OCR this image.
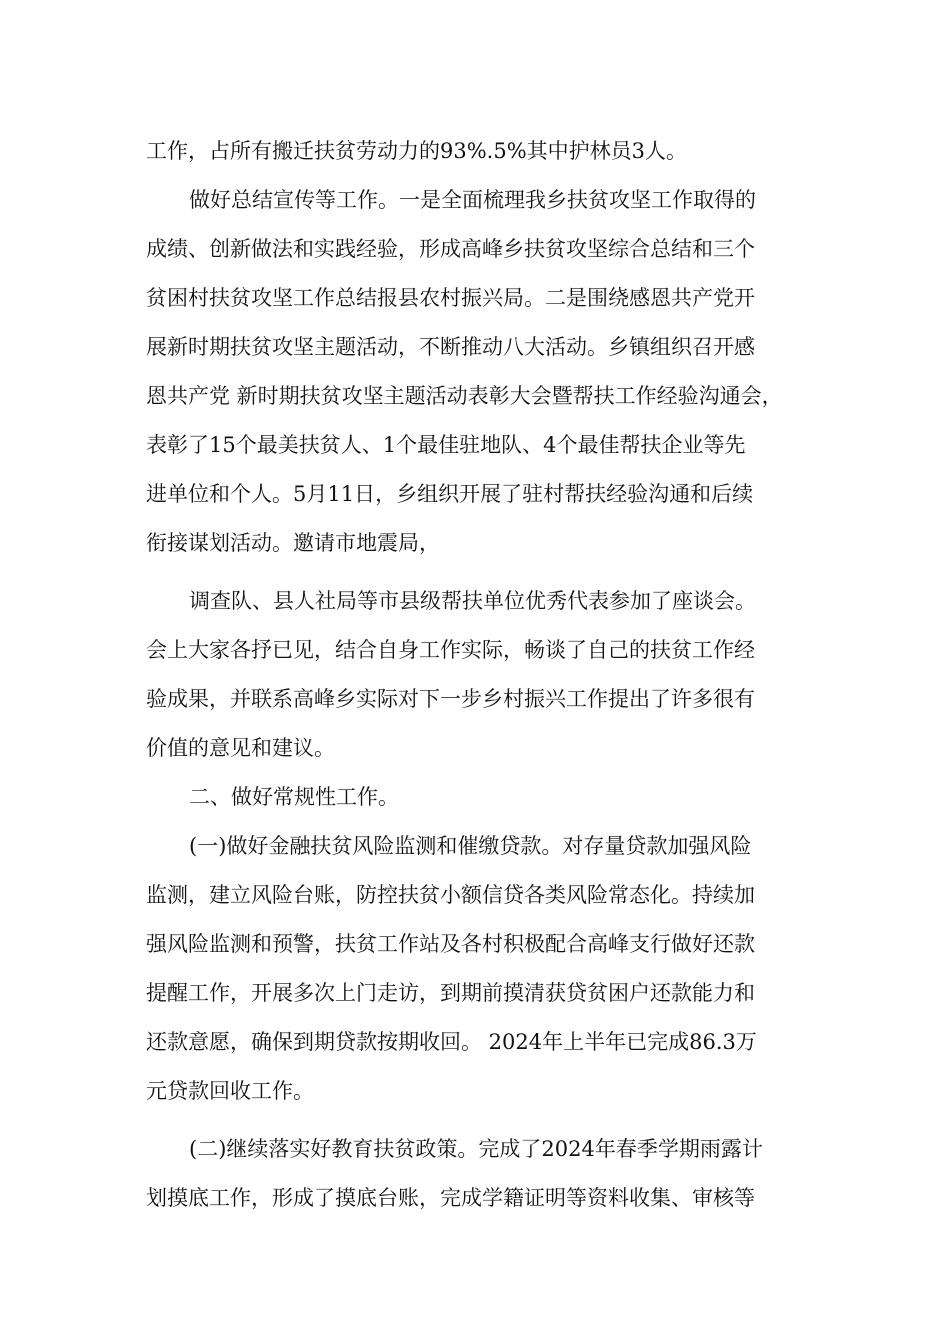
工作，占所有搬迁扶贫劳动力的93%.5%其中护林员3人。
做好总结宣传等工作。一是全面梳理我乡扶贫攻坚工作取得的
成绩、创新做法和实践经验，形成高峰乡扶贫攻坚综合总结和三个
贫困村扶贫攻坚工作总结报县农村振兴局。二是围绕感恩共产党开
展新时期扶贫攻坚主题活动，不断推动八大活动。乡镇组织召开感
恩共产党 新时期扶贫攻坚主题活动表彰大会暨帮扶工作经验沟通会，
表彰了15个最美扶贫人、1个最佳驻地队、4个最佳帮扶企业等先
进单位和个人。5月11日，乡组织开展了驻村帮扶经验沟通和后续
衔接谋划活动。邀请市地震局，
调查队、县人社局等市县级帮扶单位优秀代表参加了座谈会。
会上大家各抒已见，结合自身工作实际，畅谈了自己的扶贫工作经
验成果，并联系高峰乡实际对下一步乡村振兴工作提出了许多很有
价值的意见和建议。
二、做好常规性工作。
(一)做好金融扶贫风险监测和催缴贷款。对存量贷款加强风险
监测，建立风险台账，防控扶贫小额信贷各类风险常态化。持续加
强风险监测和预警，扶贫工作站及各村积极配合高峰支行做好还款
提醒工作，开展多次上门走访，到期前摸清获贷贫困户还款能力和
还款意愿，确保到期贷款按期收回。 2024年上半年已完成86.3万
元贷款回收工作。
(二)继续落实好教育扶贫政策。完成了2024年春季学期雨露计
划摸底工作，形成了摸底台账，完成学籍证明等资料收集、审核等
